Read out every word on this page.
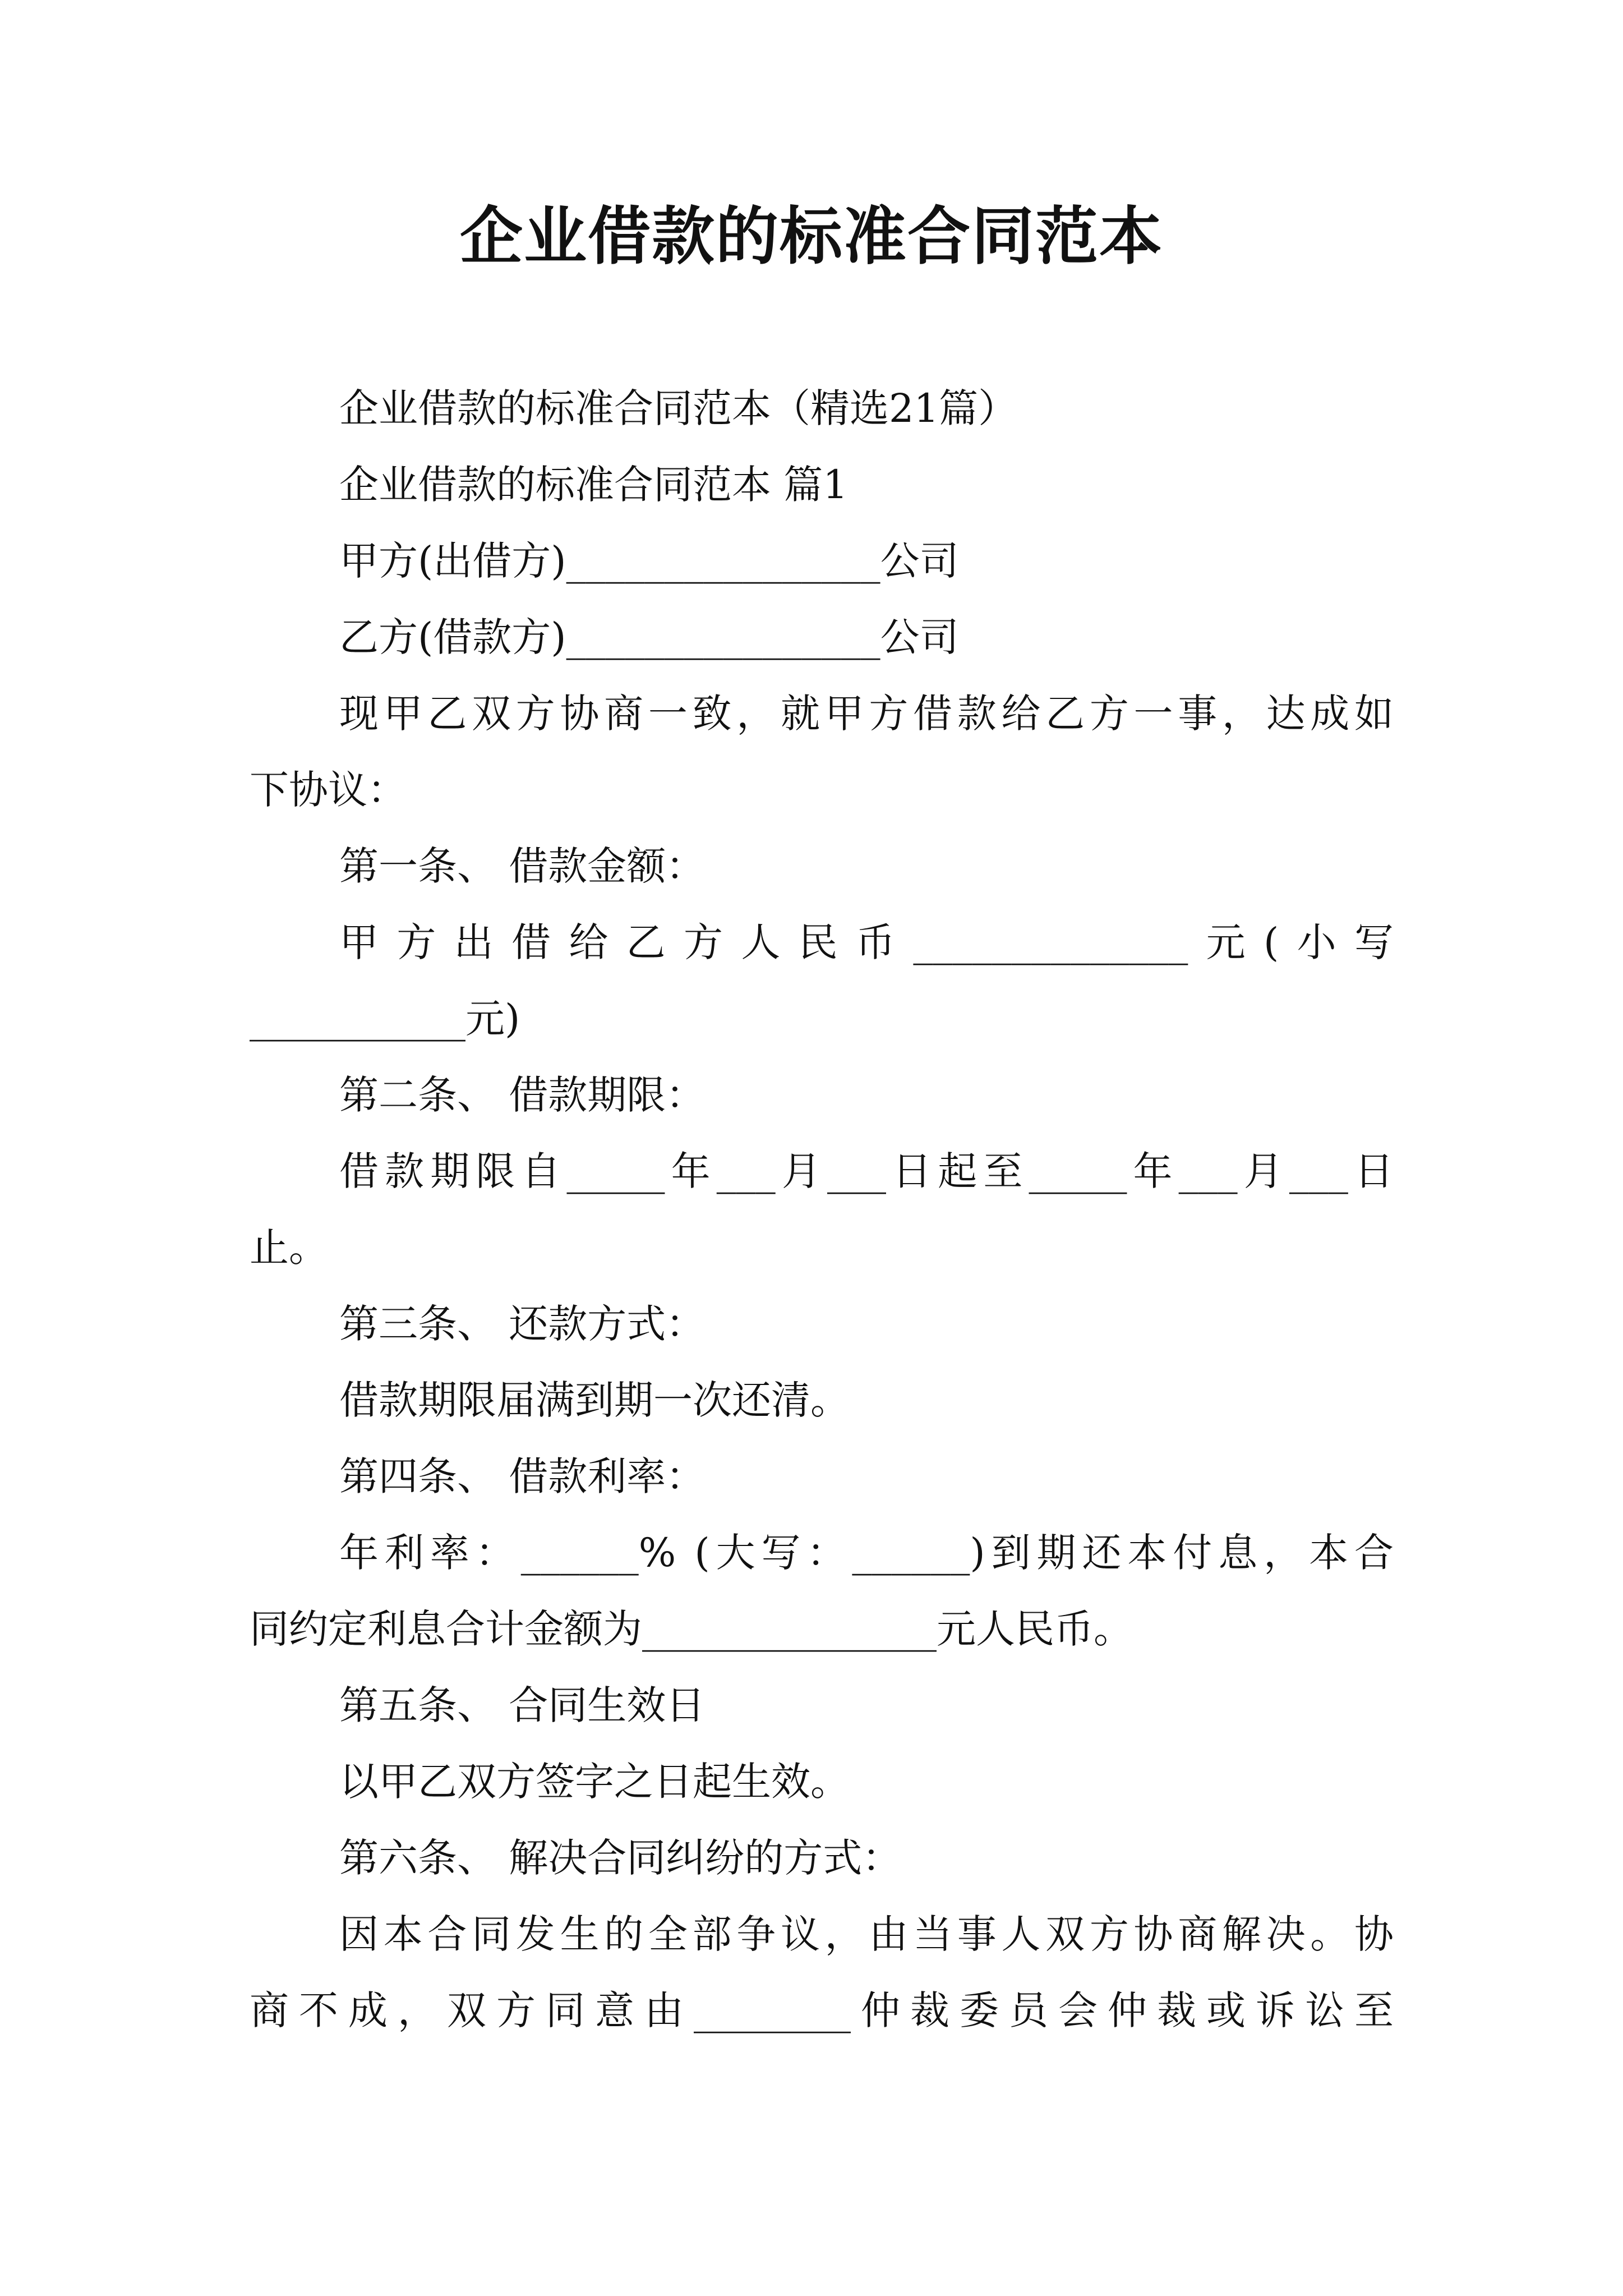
企业借款的标准合同范本
企业借款的标准合同范本（精选21篇）
企业借款的标准合同范本 篇1
甲方(出借方)________________公司
乙方(借款方)________________公司
现甲乙双方协商一致，就甲方借款给乙方一事，达成如
下协议：
第一条、 借款金额：
甲方出借给乙方人民币______________元(小写
___________元)
第二条、 借款期限：
借款期限自_____年___月___日起至_____年___月___日
止。
第三条、 还款方式：
借款期限届满到期一次还清。
第四条、 借款利率：
年利率：______% (大写：______)到期还本付息，本合
同约定利息合计金额为_______________元人民币。
第五条、 合同生效日
以甲乙双方签字之日起生效。
第六条、 解决合同纠纷的方式：
因本合同发生的全部争议，由当事人双方协商解决。协
商不成，双方同意由________仲裁委员会仲裁或诉讼至
